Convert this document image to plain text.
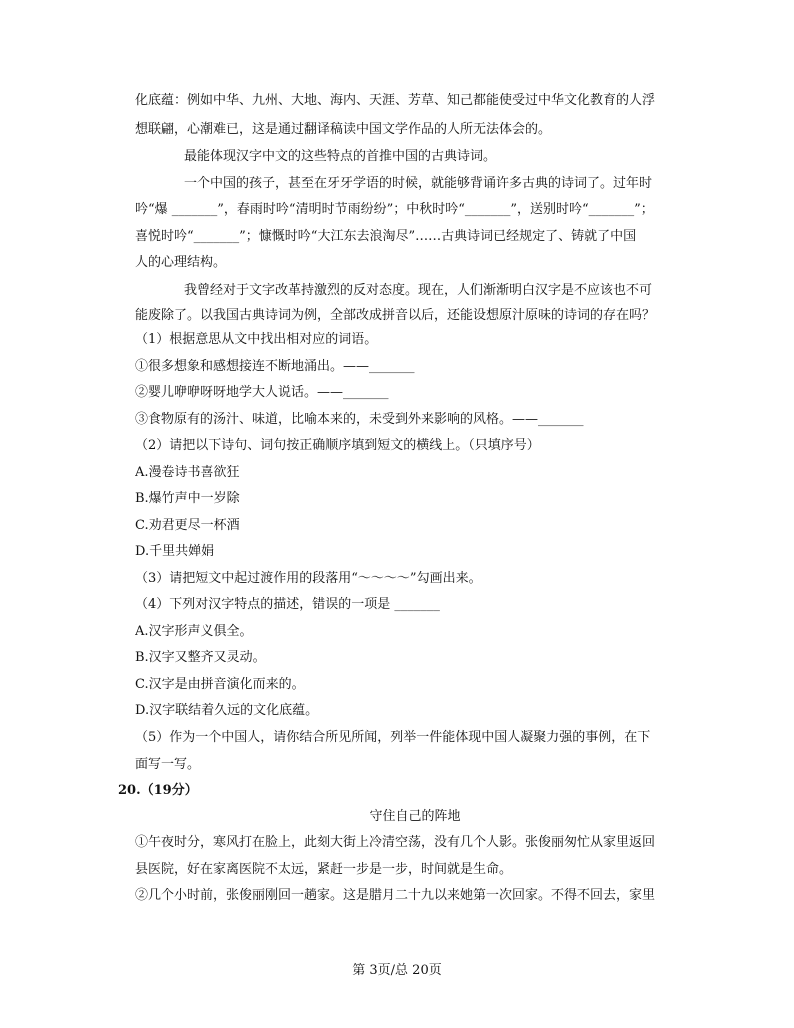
化底蕴：例如中华、九州、大地、海内、天涯、芳草、知己都能使受过中华文化教育的人浮
想联翩，心潮难已，这是通过翻译稿读中国文学作品的人所无法体会的。
最能体现汉字中文的这些特点的首推中国的古典诗词。
一个中国的孩子，甚至在牙牙学语的时候，就能够背诵许多古典的诗词了。过年时
吟“爆 _______”，春雨时吟“清明时节雨纷纷”；中秋时吟“_______”，送别时吟“_______”；
喜悦时吟“_______”；慷慨时吟“大江东去浪淘尽”……古典诗词已经规定了、铸就了中国
人的心理结构。
我曾经对于文字改革持激烈的反对态度。现在，人们渐渐明白汉字是不应该也不可
能废除了。以我国古典诗词为例，全部改成拼音以后，还能设想原汁原味的诗词的存在吗？
（1）根据意思从文中找出相对应的词语。
①很多想象和感想接连不断地涌出。——_______
②婴儿咿咿呀呀地学大人说话。——_______
③食物原有的汤汁、味道，比喻本来的，未受到外来影响的风格。——_______
（2）请把以下诗句、词句按正确顺序填到短文的横线上。（只填序号）
A.漫卷诗书喜欲狂
B.爆竹声中一岁除
C.劝君更尽一杯酒
D.千里共婵娟
（3）请把短文中起过渡作用的段落用“～～～～”勾画出来。
（4）下列对汉字特点的描述，错误的一项是 _______
A.汉字形声义俱全。
B.汉字又整齐又灵动。
C.汉字是由拼音演化而来的。
D.汉字联结着久远的文化底蕴。
（5）作为一个中国人，请你结合所见所闻，列举一件能体现中国人凝聚力强的事例，在下
面写一写。
20.（19分）
守住自己的阵地
①午夜时分，寒风打在脸上，此刻大街上冷清空荡，没有几个人影。张俊丽匆忙从家里返回
县医院，好在家离医院不太远，紧赶一步是一步，时间就是生命。
②几个小时前，张俊丽刚回一趟家。这是腊月二十九以来她第一次回家。不得不回去，家里
第 3页/总 20页
